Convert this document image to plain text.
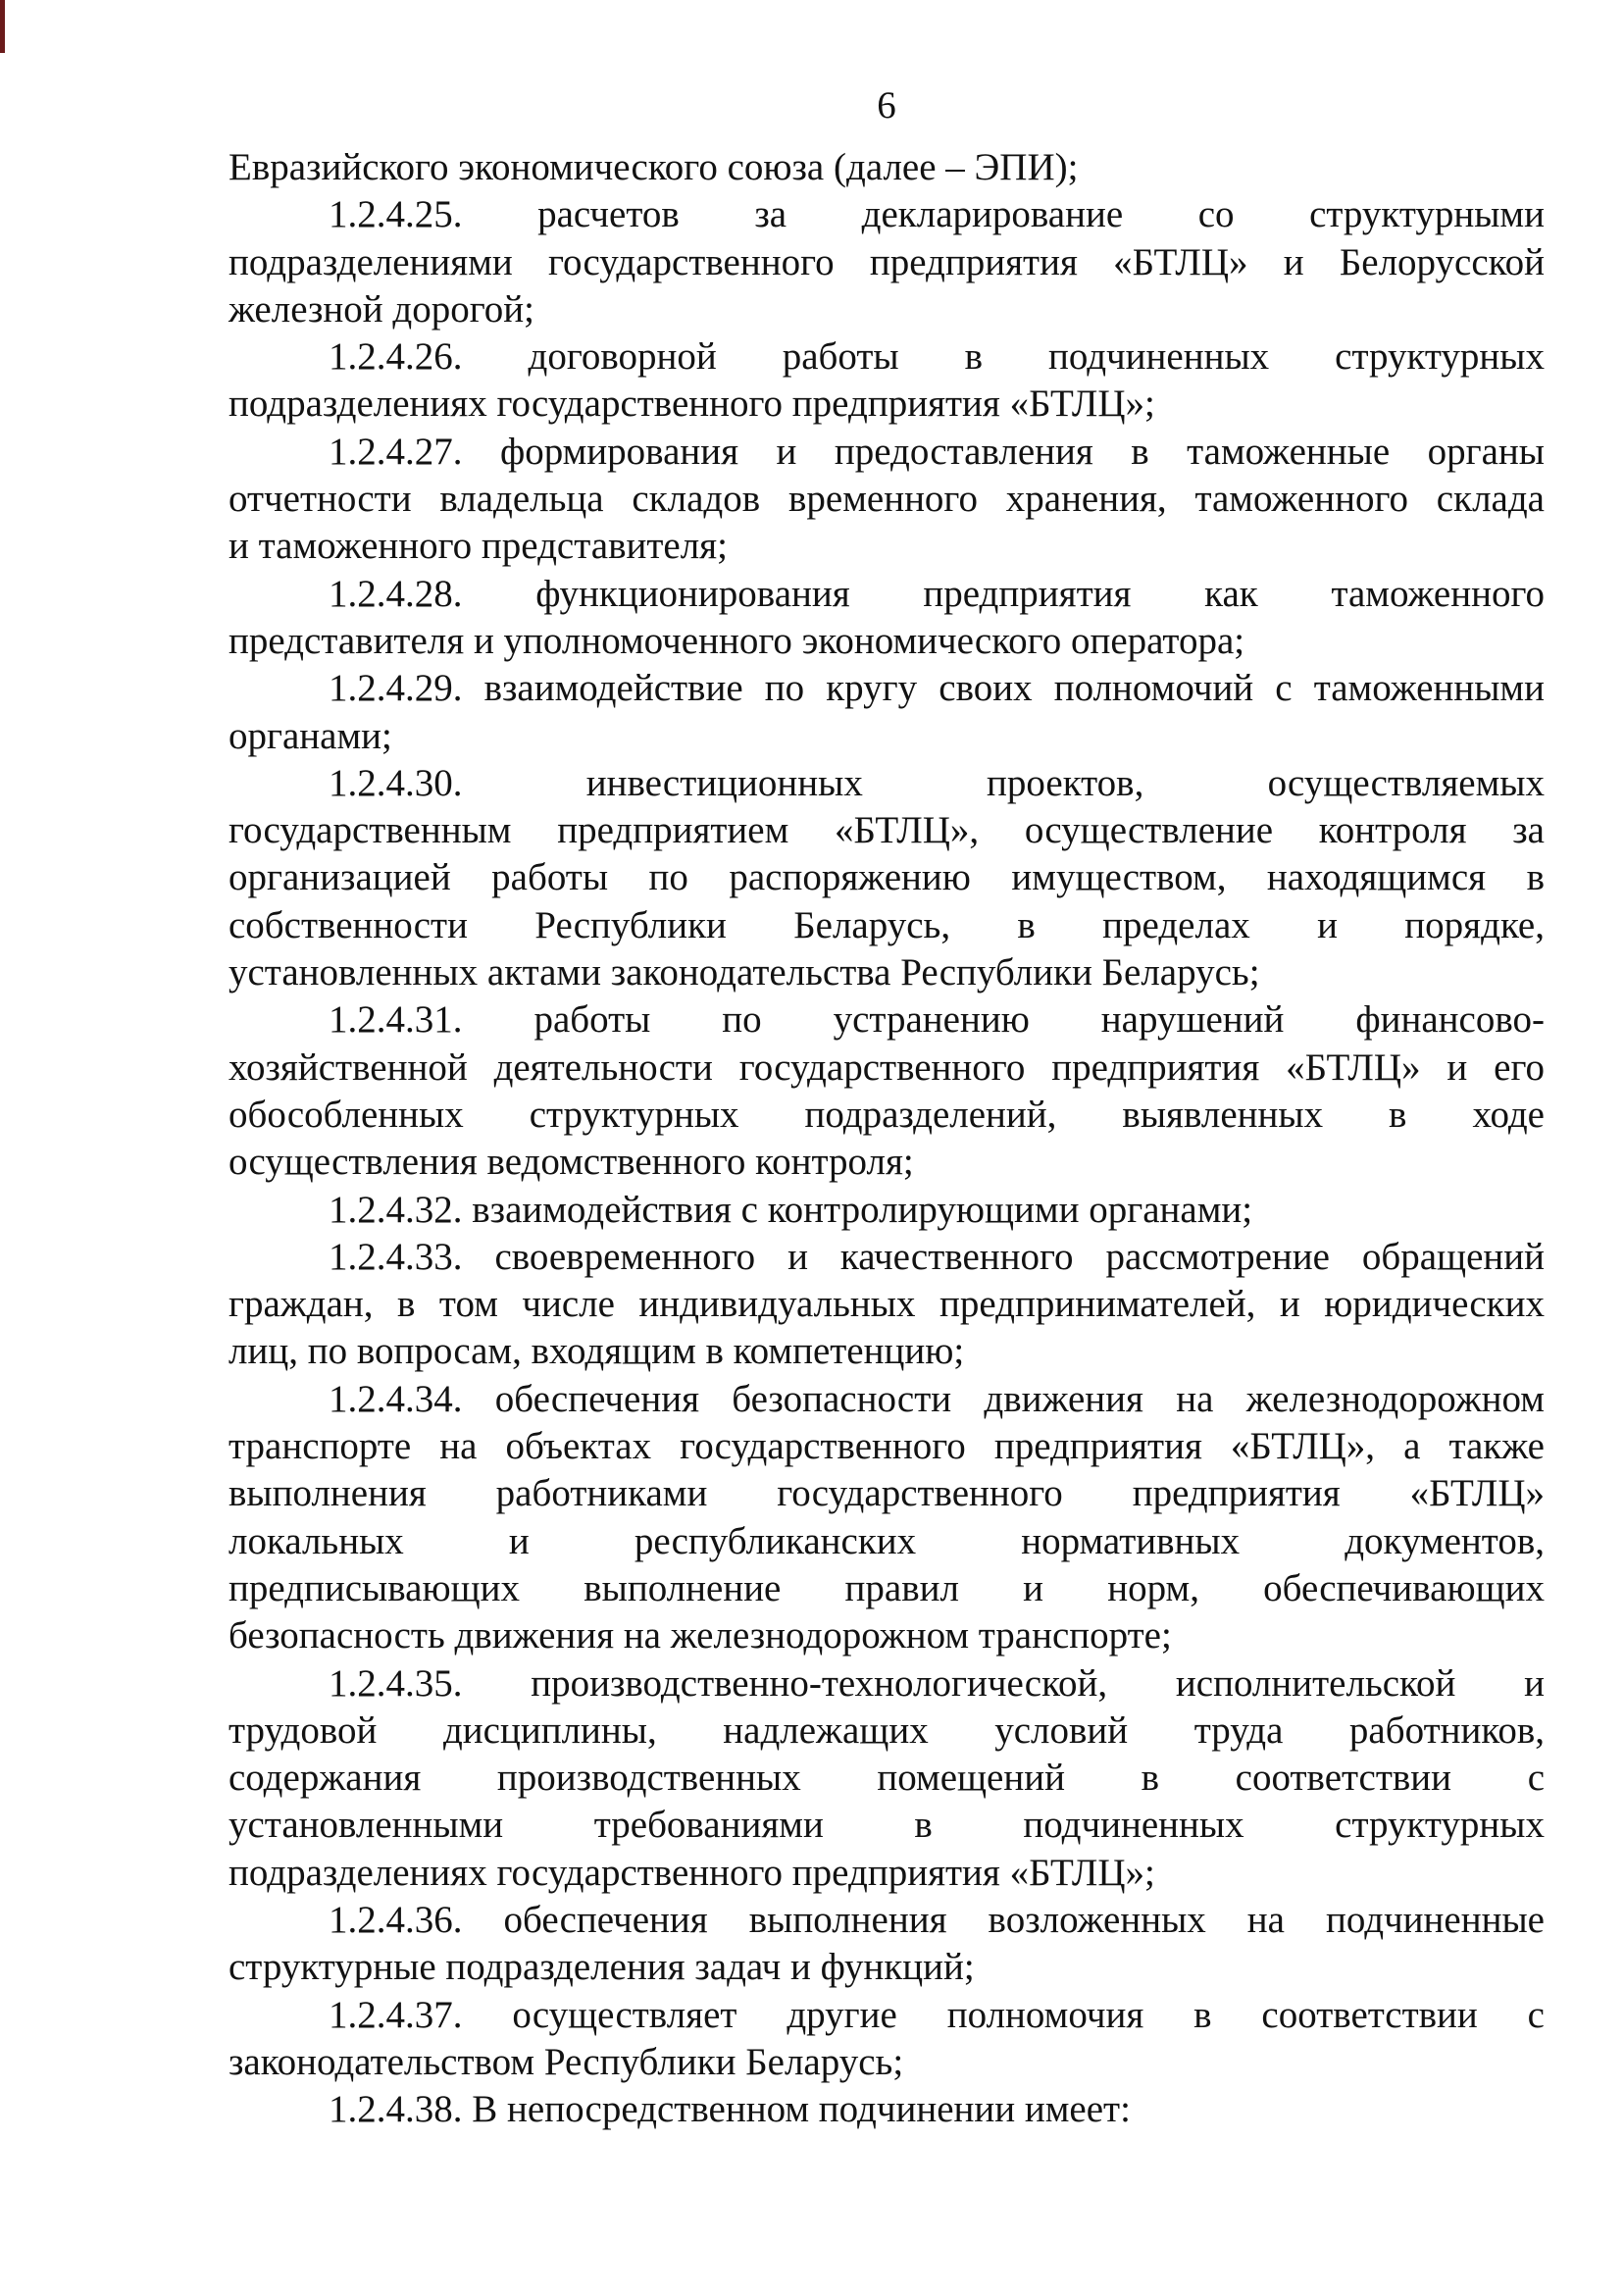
6
Евразийского экономического союза (далее – ЭПИ);
1.2.4.25. расчетов за декларирование со структурными
подразделениями государственного предприятия «БТЛЦ» и Белорусской
железной дорогой;
1.2.4.26. договорной работы в подчиненных структурных
подразделениях государственного предприятия «БТЛЦ»;
1.2.4.27. формирования и предоставления в таможенные органы
отчетности владельца складов временного хранения, таможенного склада
и таможенного представителя;
1.2.4.28. функционирования предприятия как таможенного
представителя и уполномоченного экономического оператора;
1.2.4.29. взаимодействие по кругу своих полномочий с таможенными
органами;
1.2.4.30. инвестиционных проектов, осуществляемых
государственным предприятием «БТЛЦ», осуществление контроля за
организацией работы по распоряжению имуществом, находящимся в
собственности Республики Беларусь, в пределах и порядке,
установленных актами законодательства Республики Беларусь;
1.2.4.31. работы по устранению нарушений финансово-
хозяйственной деятельности государственного предприятия «БТЛЦ» и его
обособленных структурных подразделений, выявленных в ходе
осуществления ведомственного контроля;
1.2.4.32. взаимодействия с контролирующими органами;
1.2.4.33. своевременного и качественного рассмотрение обращений
граждан, в том числе индивидуальных предпринимателей, и юридических
лиц, по вопросам, входящим в компетенцию;
1.2.4.34. обеспечения безопасности движения на железнодорожном
транспорте на объектах государственного предприятия «БТЛЦ», а также
выполнения работниками государственного предприятия «БТЛЦ»
локальных и республиканских нормативных документов,
предписывающих выполнение правил и норм, обеспечивающих
безопасность движения на железнодорожном транспорте;
1.2.4.35. производственно-технологической, исполнительской и
трудовой дисциплины, надлежащих условий труда работников,
содержания производственных помещений в соответствии с
установленными требованиями в подчиненных структурных
подразделениях государственного предприятия «БТЛЦ»;
1.2.4.36. обеспечения выполнения возложенных на подчиненные
структурные подразделения задач и функций;
1.2.4.37. осуществляет другие полномочия в соответствии с
законодательством Республики Беларусь;
1.2.4.38. В непосредственном подчинении имеет:
